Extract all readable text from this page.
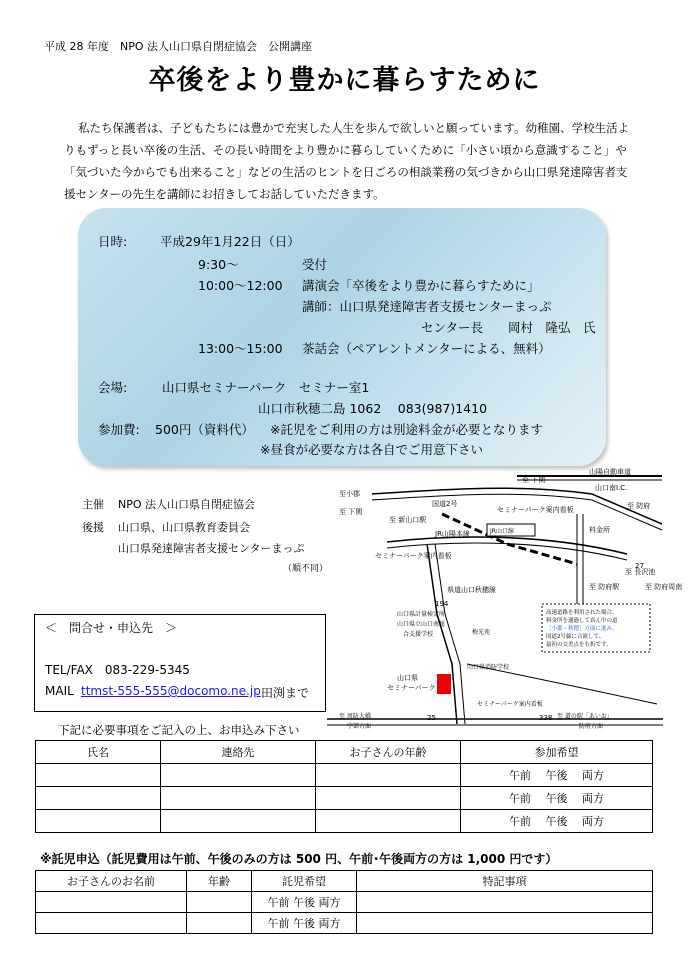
平成 28 年度　NPO 法人山口県自閉症協会　公開講座
卒後をより豊かに暮らすために
私たち保護者は、子どもたちには豊かで充実した人生を歩んで欲しいと願っています。幼稚園、学校生活よりもずっと長い卒後の生活、その長い時間をより豊かに暮らしていくために「小さい頃から意識すること」や「気づいた今からでも出来ること」などの生活のヒントを日ごろの相談業務の気づきから山口県発達障害者支援センターの先生を講師にお招きしてお話していただきます。
日時:	平成29年1月22日（日）
9:30～	受付
10:00～12:00 講演会「卒後をより豊かに暮らすために」
講師：山口県発達障害者支援センターまっぷ
センター長　　岡村　隆弘　氏
13:00～15:00 茶話会（ペアレントメンターによる、無料）
会場:	山口県セミナーパーク　セミナー室1
山口市秋穂二島 1062　 083(987)1410
参加費: 500円（資料代） ※託児をご利用の方は別途料金が必要となります
※昼食が必要な方は各自でご用意下さい
主催 NPO 法人山口県自閉症協会
後援 山口県、山口県教育委員会
山口県発達障害者支援センターまっぷ
（順不同）
＜　問合せ・申込先　＞
TEL/FAX　083-229-5345
MAIL ttmst-555-555@docomo.ne.jp 田渕まで
至 下関
山陽自動車道
山口南I.C.
至小郡
国道2号
セミナーパーク案内看板
至 新山口駅
至 下関
JR山陽本線	料金所
至 防府
JR山口線
至 長沢池
セミナーパーク案内看板
県道山口秋穂線	至 防府駅	至 防府周南
27
194
山口県計量検定所
山口県立山口南総
合支援学校	梅光苑
山口県消防学校
山口県
セミナーパーク
セミナーパーク案内看板
25	338
至 周防大橋
宇部方面
至 道の駅「あいお」
防府方面
高速道路を利用された場合、
料金所を通過して真ん中の道
［小郡・秋穂］方面に進み、
国道2号線に合流して、
最初の交差点を右折です。
下記に必要事項をご記入の上、お申込み下さい
氏名	連絡先	お子さんの年齢	参加希望
			午前　 午後　 両方
			午前　 午後　 両方
			午前　 午後　 両方
※託児申込（託児費用は午前、午後のみの方は 500 円、午前･午後両方の方は 1,000 円です）
お子さんのお名前	年齢	託児希望	特記事項
		午前 午後 両方	
		午前 午後 両方	
